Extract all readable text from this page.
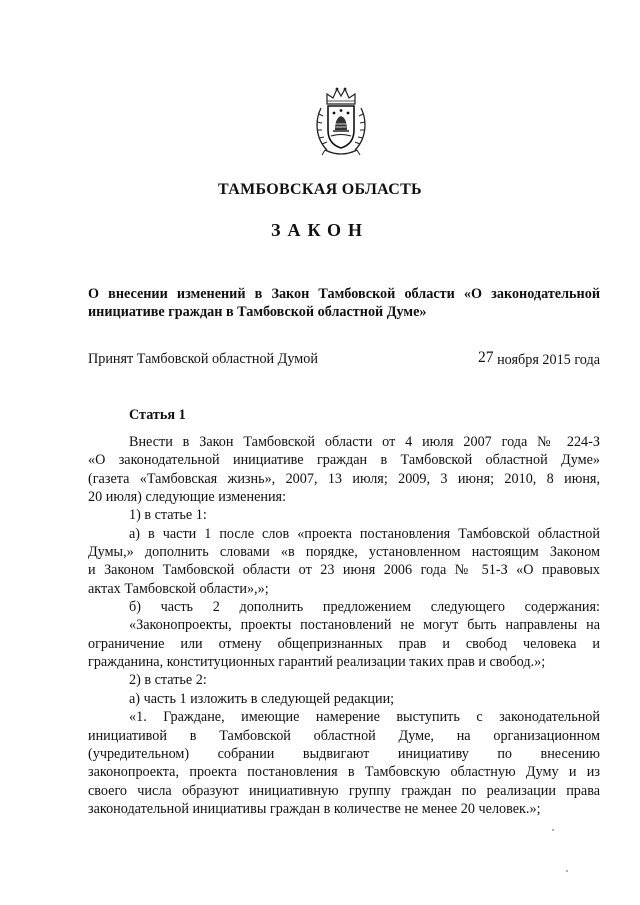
ТАМБОВСКАЯ ОБЛАСТЬ
ЗАКОН
О внесении изменений в Закон Тамбовской области «О законодательной
инициативе граждан в Тамбовской областной Думе»
Принят Тамбовской областной Думой	27 ноября 2015 года
Статья 1
Внести в Закон Тамбовской области от 4 июля 2007 года № 224-З
«О законодательной инициативе граждан в Тамбовской областной Думе»
(газета «Тамбовская жизнь», 2007, 13 июля; 2009, 3 июня; 2010, 8 июня,
20 июля) следующие изменения:
1) в статье 1:
а) в части 1 после слов «проекта постановления Тамбовской областной
Думы,» дополнить словами «в порядке, установленном настоящим Законом
и Законом Тамбовской области от 23 июня 2006 года № 51-З «О правовых
актах Тамбовской области»,»;
б) часть 2 дополнить предложением следующего содержания:
«Законопроекты, проекты постановлений не могут быть направлены на
ограничение или отмену общепризнанных прав и свобод человека и
гражданина, конституционных гарантий реализации таких прав и свобод.»;
2) в статье 2:
а) часть 1 изложить в следующей редакции;
«1. Граждане, имеющие намерение выступить с законодательной
инициативой в Тамбовской областной Думе, на организационном
(учредительном) собрании выдвигают инициативу по внесению
законопроекта, проекта постановления в Тамбовскую областную Думу и из
своего числа образуют инициативную группу граждан по реализации права
законодательной инициативы граждан в количестве не менее 20 человек.»;
